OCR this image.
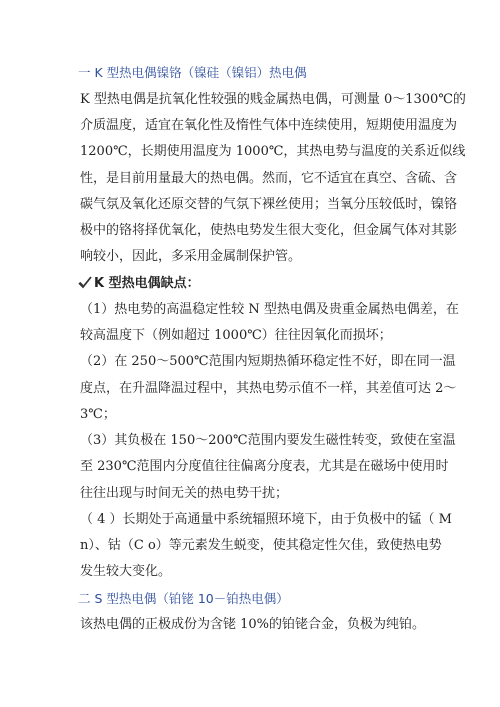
一 K 型热电偶镍铬（镍硅（镍铝）热电偶
K 型热电偶是抗氧化性较强的贱金属热电偶，可测量 0～1300℃的
介质温度，适宜在氧化性及惰性气体中连续使用，短期使用温度为
1200℃，长期使用温度为 1000℃，其热电势与温度的关系近似线
性，是目前用量最大的热电偶。然而，它不适宜在真空、含硫、含
碳气氛及氧化还原交替的气氛下裸丝使用；当氧分压较低时，镍铬
极中的铬将择优氧化，使热电势发生很大变化，但金属气体对其影
响较小，因此，多采用金属制保护管。
K 型热电偶缺点：
（1）热电势的高温稳定性较 N 型热电偶及贵重金属热电偶差，在
较高温度下（例如超过 1000℃）往往因氧化而损坏；
（2）在 250～500℃范围内短期热循环稳定性不好，即在同一温
度点，在升温降温过程中，其热电势示值不一样，其差值可达 2～
3℃；
（3）其负极在 150～200℃范围内要发生磁性转变，致使在室温
至 230℃范围内分度值往往偏离分度表，尤其是在磁场中使用时
往往出现与时间无关的热电势干扰；
（ 4 ）长期处于高通量中系统辐照环境下，由于负极中的锰（ M
n）、钴（C o）等元素发生蜕变，使其稳定性欠佳，致使热电势
发生较大变化。
二 S 型热电偶（铂铑 10－铂热电偶）
该热电偶的正极成份为含铑 10%的铂铑合金，负极为纯铂。
